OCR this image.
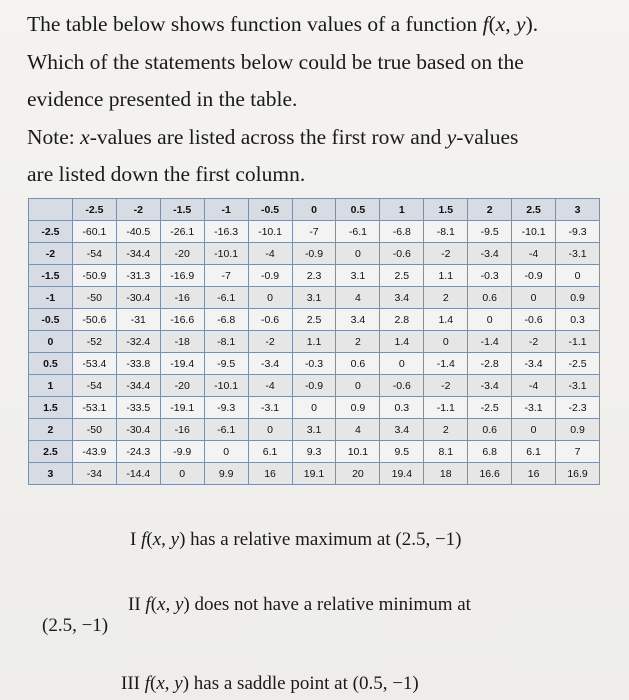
The table below shows function values of a function f(x, y).

Which of the statements below could be true based on the

evidence presented in the table.

Note: x-values are listed across the first row and y-values

are listed down the first column.

	-2.5	-2	-1.5	-1	-0.5	0	0.5	1	1.5	2	2.5	3
-2.5	-60.1	-40.5	-26.1	-16.3	-10.1	-7	-6.1	-6.8	-8.1	-9.5	-10.1	-9.3
-2	-54	-34.4	-20	-10.1	-4	-0.9	0	-0.6	-2	-3.4	-4	-3.1
-1.5	-50.9	-31.3	-16.9	-7	-0.9	2.3	3.1	2.5	1.1	-0.3	-0.9	0
-1	-50	-30.4	-16	-6.1	0	3.1	4	3.4	2	0.6	0	0.9
-0.5	-50.6	-31	-16.6	-6.8	-0.6	2.5	3.4	2.8	1.4	0	-0.6	0.3
0	-52	-32.4	-18	-8.1	-2	1.1	2	1.4	0	-1.4	-2	-1.1
0.5	-53.4	-33.8	-19.4	-9.5	-3.4	-0.3	0.6	0	-1.4	-2.8	-3.4	-2.5
1	-54	-34.4	-20	-10.1	-4	-0.9	0	-0.6	-2	-3.4	-4	-3.1
1.5	-53.1	-33.5	-19.1	-9.3	-3.1	0	0.9	0.3	-1.1	-2.5	-3.1	-2.3
2	-50	-30.4	-16	-6.1	0	3.1	4	3.4	2	0.6	0	0.9
2.5	-43.9	-24.3	-9.9	0	6.1	9.3	10.1	9.5	8.1	6.8	6.1	7
3	-34	-14.4	0	9.9	16	19.1	20	19.4	18	16.6	16	16.9
I f(x, y) has a relative maximum at (2.5, −1)
II f(x, y) does not have a relative minimum at
(2.5, −1)
III f(x, y) has a saddle point at (0.5, −1)
